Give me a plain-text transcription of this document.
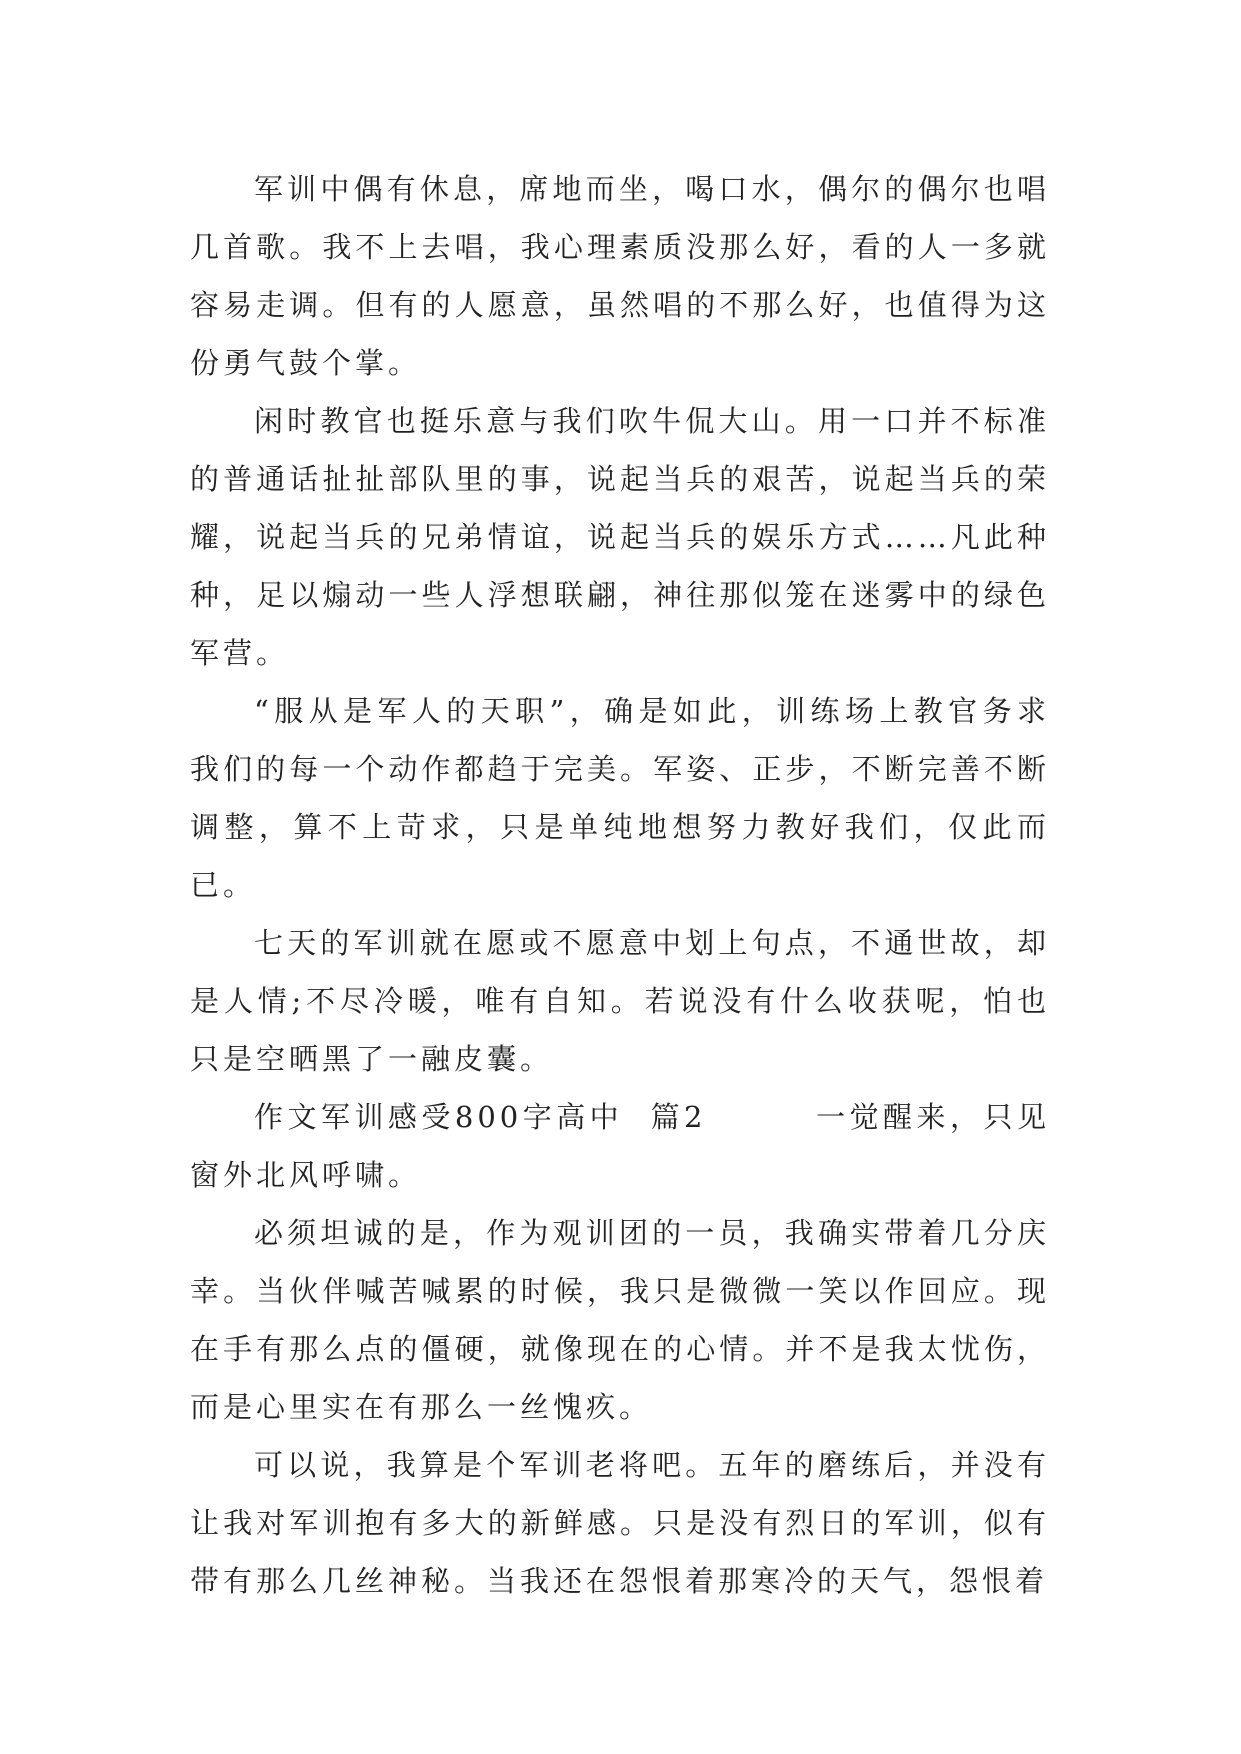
军训中偶有休息，席地而坐，喝口水，偶尔的偶尔也唱几首歌。我不上去唱，我心理素质没那么好，看的人一多就容易走调。但有的人愿意，虽然唱的不那么好，也值得为这份勇气鼓个掌。

闲时教官也挺乐意与我们吹牛侃大山。用一口并不标准的普通话扯扯部队里的事，说起当兵的艰苦，说起当兵的荣耀，说起当兵的兄弟情谊，说起当兵的娱乐方式……凡此种种，足以煽动一些人浮想联翩，神往那似笼在迷雾中的绿色军营。

“服从是军人的天职”，确是如此，训练场上教官务求我们的每一个动作都趋于完美。军姿、正步，不断完善不断调整，算不上苛求，只是单纯地想努力教好我们，仅此而已。

七天的军训就在愿或不愿意中划上句点，不通世故，却是人情;不尽冷暖，唯有自知。若说没有什么收获呢，怕也只是空晒黑了一融皮囊。

作文军训感受800字高中  篇2        一觉醒来，只见窗外北风呼啸。

必须坦诚的是，作为观训团的一员，我确实带着几分庆幸。当伙伴喊苦喊累的时候，我只是微微一笑以作回应。现在手有那么点的僵硬，就像现在的心情。并不是我太忧伤，而是心里实在有那么一丝愧疚。

可以说，我算是个军训老将吧。五年的磨练后，并没有让我对军训抱有多大的新鲜感。只是没有烈日的军训，似有带有那么几丝神秘。当我还在怨恨着那寒冷的天气，怨恨着
